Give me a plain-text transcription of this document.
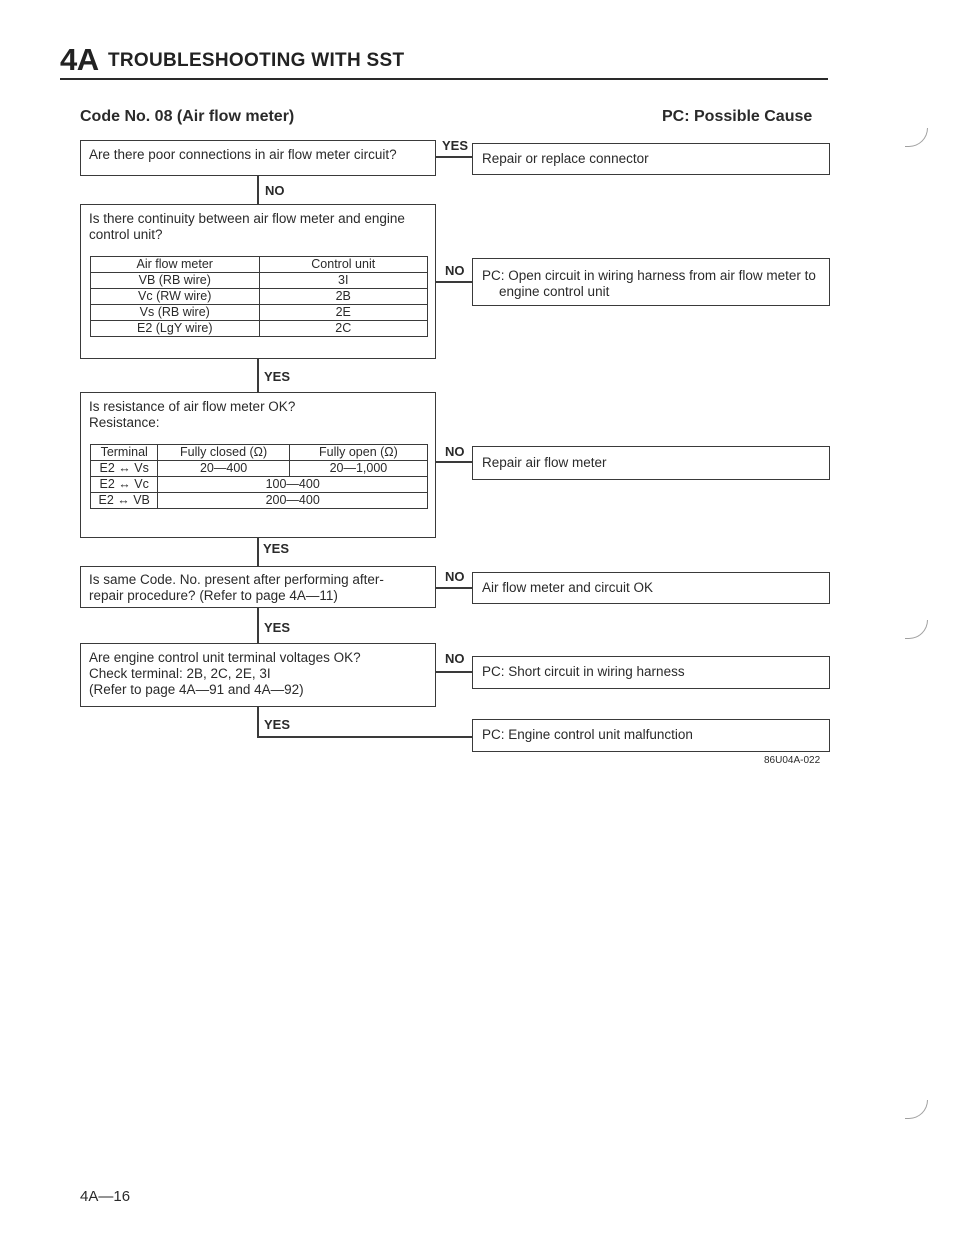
4A TROUBLESHOOTING WITH SST
Code No. 08 (Air flow meter)	PC: Possible Cause
Are there poor connections in air flow meter circuit?	Repair or replace connector
YES
NO
Is there continuity between air flow meter and engine control unit?
Air flow meter	Control unit
VB (RB wire)	3I
Vc (RW wire)	2B
Vs (RB wire)	2E
E2 (LgY wire)	2C
PC: Open circuit in wiring harness from air flow meter to engine control unit
NO
YES
Is resistance of air flow meter OK?
Resistance:
Terminal	Fully closed (Ω)	Fully open (Ω)
E2 ↔ Vs	20—400	20—1,000
E2 ↔ Vc	100—400	
E2 ↔ VB	200—400	
Repair air flow meter
NO
YES
Is same Code. No. present after performing after-repair procedure? (Refer to page 4A—11)
Air flow meter and circuit OK
NO
YES
Are engine control unit terminal voltages OK?
Check terminal: 2B, 2C, 2E, 3I
(Refer to page 4A—91 and 4A—92)
PC: Short circuit in wiring harness
NO
YES
PC: Engine control unit malfunction
86U04A-022
4A—16
